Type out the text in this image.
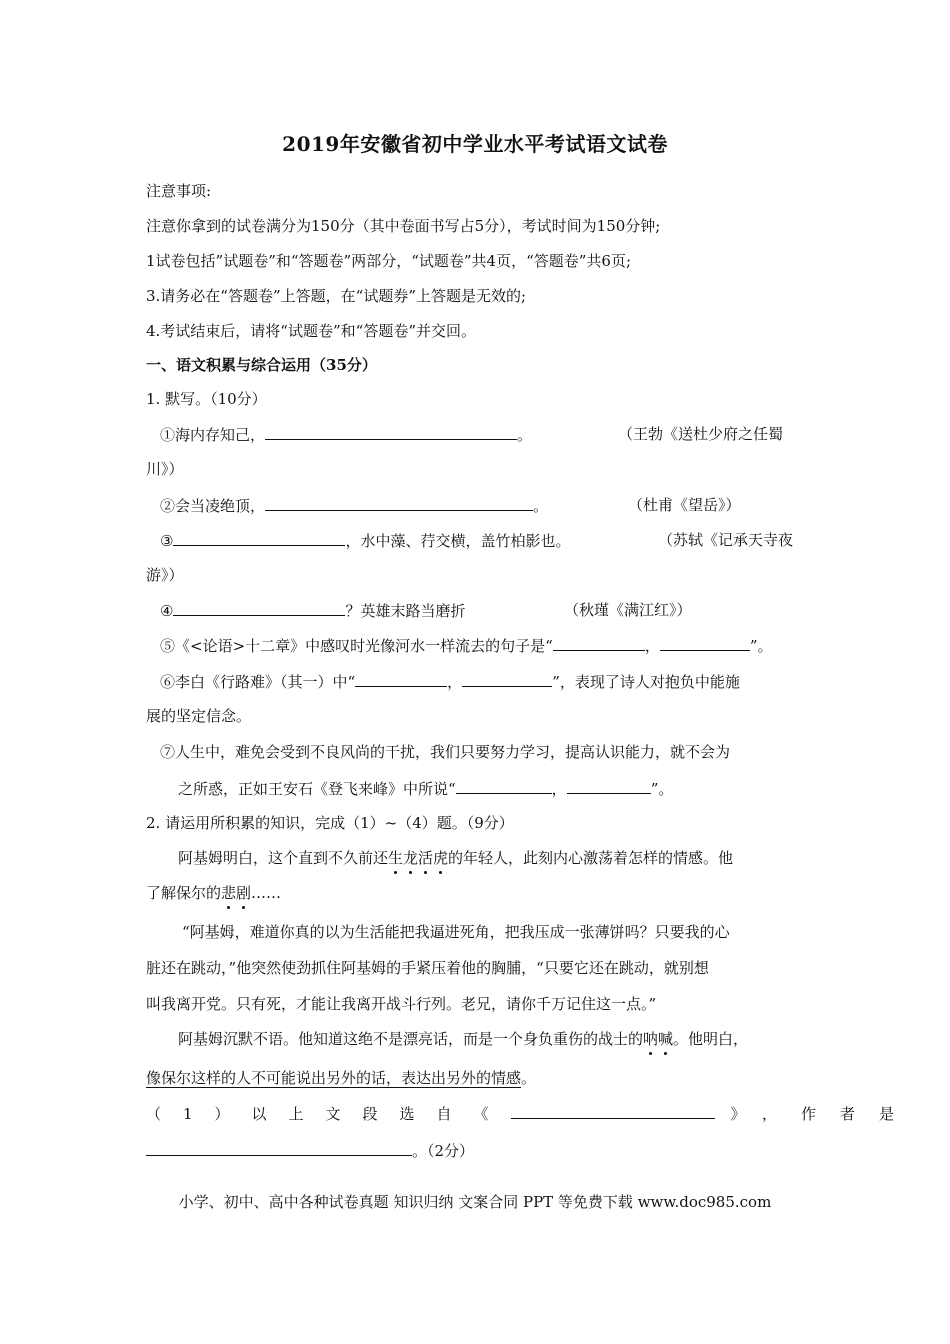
2019年安徽省初中学业水平考试语文试卷
注意事项:
注意你拿到的试卷满分为150分（其中卷面书写占5分），考试时间为150分钟;
1试卷包括”试题卷”和“答题卷”两部分，“试题卷”共4页，“答题卷”共6页;
3.请务必在“答题卷”上答题，在“试题券”上答题是无效的;
4.考试结束后，请将“试题卷”和“答题卷”并交回。
一、语文积累与综合运用（35分）
1. 默写。（10分）
①海内存知己，	。	（王勃《送杜少府之任蜀
川》）
②会当凌绝顶，	。	（杜甫《望岳》）
③	，水中藻、荇交横，盖竹柏影也。	（苏轼《记承天寺夜
游》）
④	？英雄末路当磨折	（秋瑾《满江红》）
⑤《<论语>十二章》中感叹时光像河水一样流去的句子是“	，	”。
⑥李白《行路难》（其一）中“	，	”，表现了诗人对抱负中能施
展的坚定信念。
⑦人生中，难免会受到不良风尚的干扰，我们只要努力学习，提高认识能力，就不会为
之所惑，正如王安石《登飞来峰》中所说“	，	”。
2. 请运用所积累的知识，完成（1）~（4）题。（9分）
阿基姆明白，这个直到不久前还生龙活虎
的年轻人，此刻内心激荡着怎样的情感。他
了解保尔的悲剧
……
“阿基姆，难道你真的以为生活能把我逼进死角，把我压成一张薄饼吗？只要我的心
脏还在跳动，”他突然使劲抓住阿基姆的手紧压着他的胸脯，“只要它还在跳动，就别想
叫我离开党。只有死，才能让我离开战斗行列。老兄，请你千万记住这一点。”
阿基姆沉默不语。他知道这绝不是漂亮话，而是一个身负重伤的战士的呐喊
。他明白，
像保尔这样的人不可能说出另外的话，表达出另外的情感。
（1）以上文段选自《	》，作者是
。（2分）
小学、初中、高中各种试卷真题 知识归纳 文案合同 PPT 等免费下载 www.doc985.com
